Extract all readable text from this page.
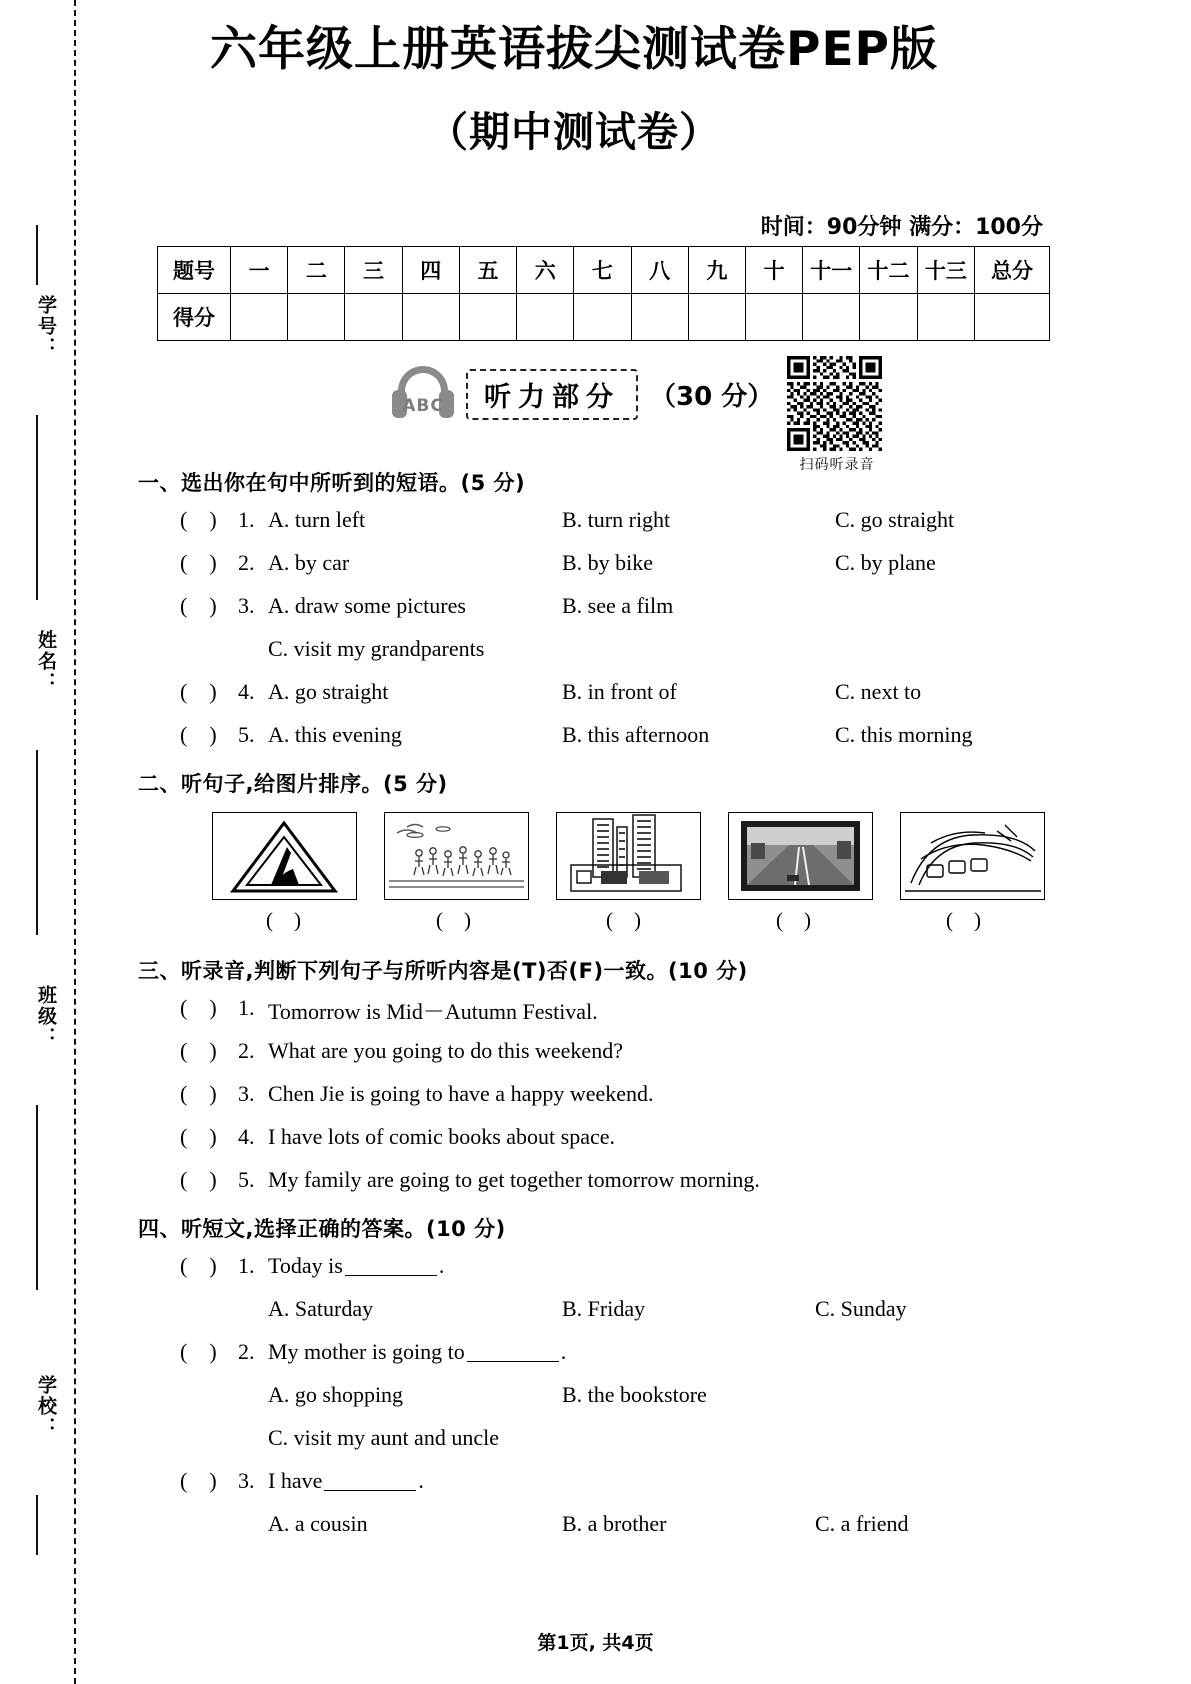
学号：
姓名：
班级：
学校：
六年级上册英语拔尖测试卷PEP版
（期中测试卷）
时间：90分钟 满分：100分
题号	一	二	三	四	五	六	七	八	九	十	十一	十二	十三	总分
得分														
ABC	听力部分	（30 分）
扫码听录音
一、选出你在句中所听到的短语。(5 分)
(    ) 1. A. turn left	B. turn right	C. go straight
(    ) 2. A. by car	B. by bike	C. by plane
(    ) 3. A. draw some pictures	B. see a film
C. visit my grandparents
(    ) 4. A. go straight	B. in front of	C. next to
(    ) 5. A. this evening	B. this afternoon	C. this morning
二、听句子,给图片排序。(5 分)
(    )	(    )	(    )	(    )	(    )
三、听录音,判断下列句子与所听内容是(T)否(F)一致。(10 分)
(    ) 1. Tomorrow is Mid－Autumn Festival.
(    ) 2. What are you going to do this weekend?
(    ) 3. Chen Jie is going to have a happy weekend.
(    ) 4. I have lots of comic books about space.
(    ) 5. My family are going to get together tomorrow morning.
四、听短文,选择正确的答案。(10 分)
(    ) 1. Today is	.
A. Saturday	B. Friday	C. Sunday
(    ) 2. My mother is going to	.
A. go shopping	B. the bookstore
C. visit my aunt and uncle
(    ) 3. I have	.
A. a cousin	B. a brother	C. a friend
第1页, 共4页
